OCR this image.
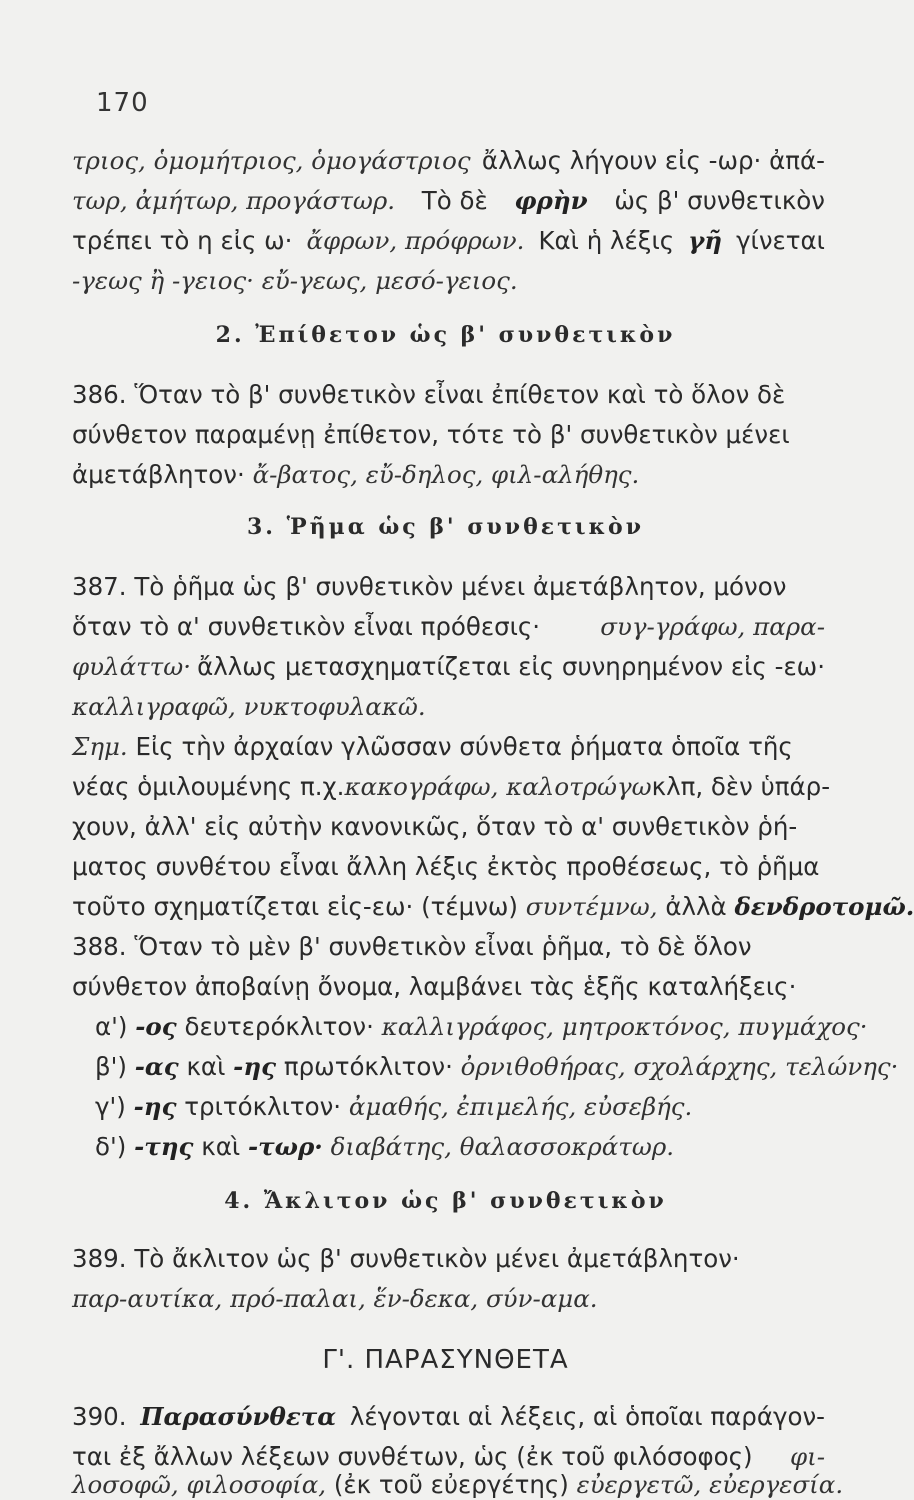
170
τριος, ὁμομήτριος, ὁμογάστριος ἄλλως λήγουν εἰς -ωρ· ἀπά-
τωρ, ἀμήτωρ, προγάστωρ. Τὸ δὲ φρὴν ὡς β' συνθετικὸν
τρέπει τὸ η εἰς ω· ἄφρων, πρόφρων. Καὶ ἡ λέξις γῆ γίνεται
-γεως ἢ -γειος· εὔ-γεως, μεσό-γειος.
2. Ἐπίθετον ὡς β' συνθετικὸν
386. Ὅταν τὸ β' συνθετικὸν εἶναι ἐπίθετον καὶ τὸ ὅλον δὲ
σύνθετον παραμένῃ ἐπίθετον, τότε τὸ β' συνθετικὸν μένει
ἀμετάβλητον· ἄ-βατος, εὔ-δηλος, φιλ-αλήθης.
3. Ῥῆμα ὡς β' συνθετικὸν
387. Τὸ ῥῆμα ὡς β' συνθετικὸν μένει ἀμετάβλητον, μόνον
ὅταν τὸ α' συνθετικὸν εἶναι πρόθεσις· συγ-γράφω, παρα-
φυλάττω· ἄλλως μετασχηματίζεται εἰς συνηρημένον εἰς -εω·
καλλιγραφῶ, νυκτοφυλακῶ.
Σημ. Εἰς τὴν ἀρχαίαν γλῶσσαν σύνθετα ῥήματα ὁποῖα τῆς
νέας ὁμιλουμένης π.χ. κακογράφω, καλοτρώγω κλπ, δὲν ὑπάρ-
χουν, ἀλλ' εἰς αὐτὴν κανονικῶς, ὅταν τὸ α' συνθετικὸν ῥή-
ματος συνθέτου εἶναι ἄλλη λέξις ἐκτὸς προθέσεως, τὸ ῥῆμα
τοῦτο σχηματίζεται εἰς-εω· (τέμνω) συντέμνω, ἀλλὰ δενδροτομῶ.
388. Ὅταν τὸ μὲν β' συνθετικὸν εἶναι ῥῆμα, τὸ δὲ ὅλον
σύνθετον ἀποβαίνῃ ὄνομα, λαμβάνει τὰς ἑξῆς καταλήξεις·
α') -ος δευτερόκλιτον· καλλιγράφος, μητροκτόνος, πυγμάχος·
β') -ας καὶ -ης πρωτόκλιτον· ὀρνιθοθήρας, σχολάρχης, τελώνης·
γ') -ης τριτόκλιτον· ἀμαθής, ἐπιμελής, εὐσεβής.
δ') -της καὶ -τωρ· διαβάτης, θαλασσοκράτωρ.
4. Ἄκλιτον ὡς β' συνθετικὸν
389. Τὸ ἄκλιτον ὡς β' συνθετικὸν μένει ἀμετάβλητον·
παρ-αυτίκα, πρό-παλαι, ἕν-δεκα, σύν-αμα.
Γ'. ΠΑΡΑΣΥΝΘΕΤΑ
390. Παρασύνθετα λέγονται αἱ λέξεις, αἱ ὁποῖαι παράγον-
ται ἐξ ἄλλων λέξεων συνθέτων, ὡς (ἐκ τοῦ φιλόσοφος) φι-
λοσοφῶ, φιλοσοφία, (ἐκ τοῦ εὐεργέτης) εὐεργετῶ, εὐεργεσία.
